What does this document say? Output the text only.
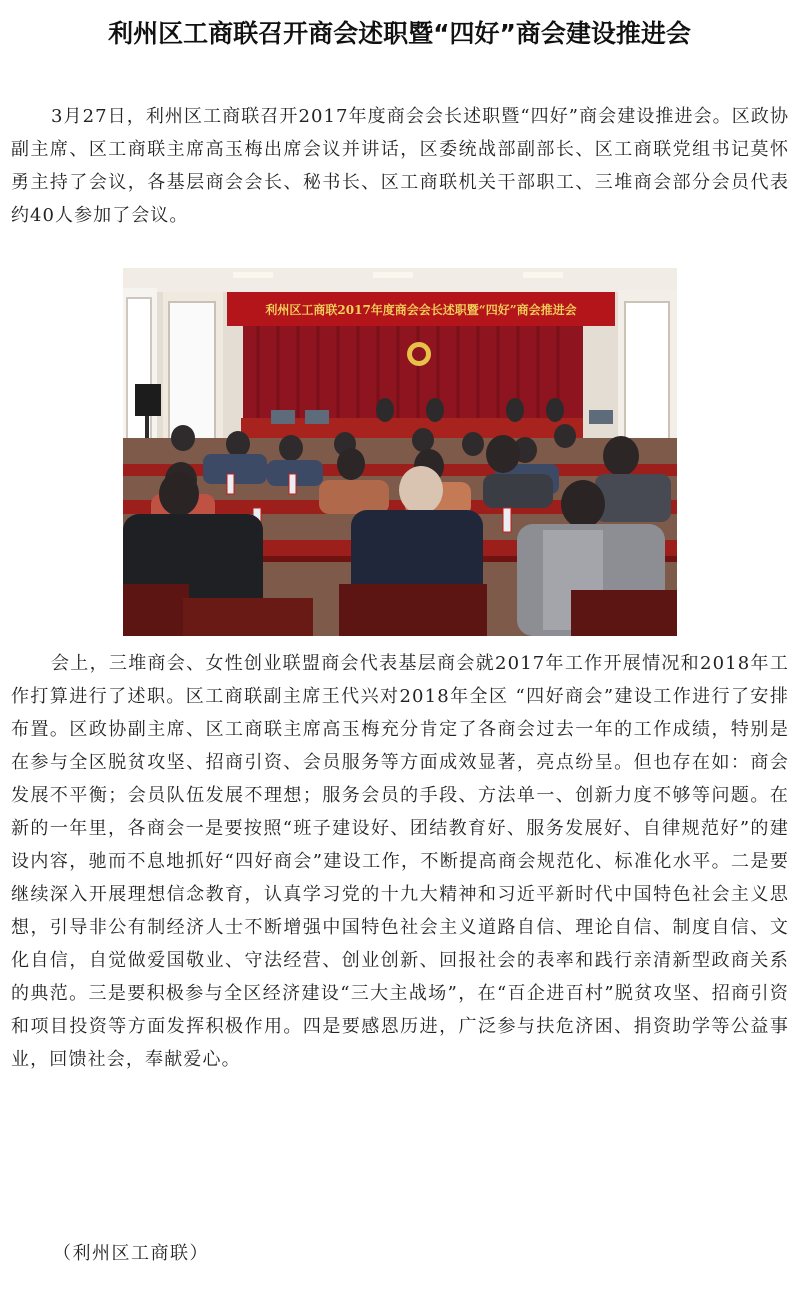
利州区工商联召开商会述职暨“四好”商会建设推进会

3月27日，利州区工商联召开2017年度商会会长述职暨“四好”商会建设推进会。区政协副主席、区工商联主席高玉梅出席会议并讲话，区委统战部副部长、区工商联党组书记莫怀勇主持了会议，各基层商会会长、秘书长、区工商联机关干部职工、三堆商会部分会员代表约40人参加了会议。

利州区工商联2017年度商会会长述职暨“四好”商会推进会

会上，三堆商会、女性创业联盟商会代表基层商会就2017年工作开展情况和2018年工作打算进行了述职。区工商联副主席王代兴对2018年全区 “四好商会”建设工作进行了安排布置。区政协副主席、区工商联主席高玉梅充分肯定了各商会过去一年的工作成绩，特别是在参与全区脱贫攻坚、招商引资、会员服务等方面成效显著，亮点纷呈。但也存在如：商会发展不平衡；会员队伍发展不理想；服务会员的手段、方法单一、创新力度不够等问题。在新的一年里，各商会一是要按照“班子建设好、团结教育好、服务发展好、自律规范好”的建设内容，驰而不息地抓好“四好商会”建设工作，不断提高商会规范化、标准化水平。二是要继续深入开展理想信念教育，认真学习党的十九大精神和习近平新时代中国特色社会主义思想，引导非公有制经济人士不断增强中国特色社会主义道路自信、理论自信、制度自信、文化自信，自觉做爱国敬业、守法经营、创业创新、回报社会的表率和践行亲清新型政商关系的典范。三是要积极参与全区经济建设“三大主战场”，在“百企进百村”脱贫攻坚、招商引资和项目投资等方面发挥积极作用。四是要感恩历进，广泛参与扶危济困、捐资助学等公益事业，回馈社会，奉献爱心。

（利州区工商联）
